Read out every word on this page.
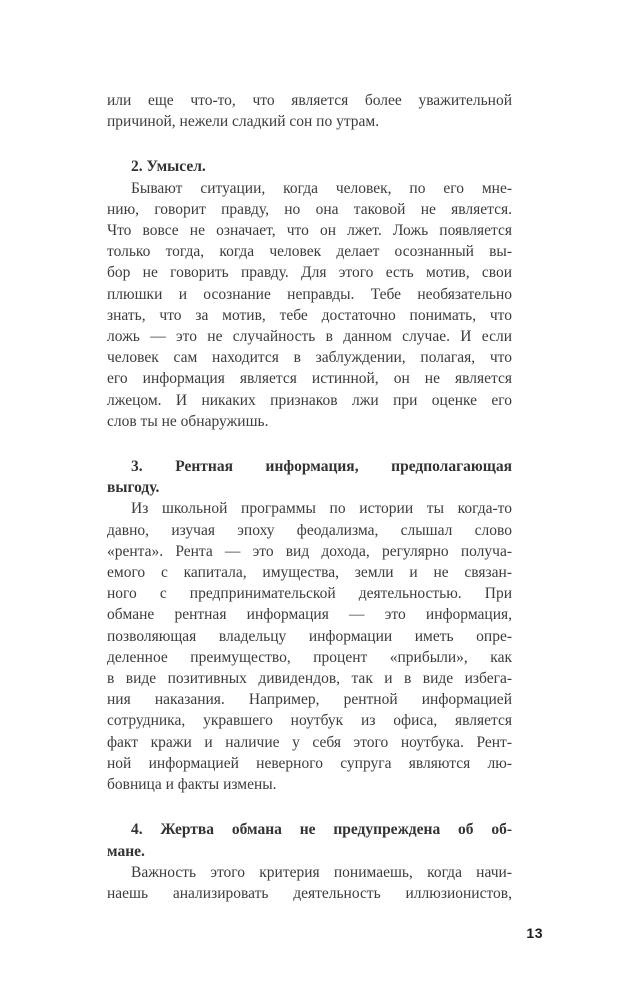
или еще что-то, что является более уважительной
причиной, нежели сладкий сон по утрам.
2. Умысел.
Бывают ситуации, когда человек, по его мне-
нию, говорит правду, но она таковой не является.
Что вовсе не означает, что он лжет. Ложь появляется
только тогда, когда человек делает осознанный вы-
бор не говорить правду. Для этого есть мотив, свои
плюшки и осознание неправды. Тебе необязательно
знать, что за мотив, тебе достаточно понимать, что
ложь — это не случайность в данном случае. И если
человек сам находится в заблуждении, полагая, что
его информация является истинной, он не является
лжецом. И никаких признаков лжи при оценке его
слов ты не обнаружишь.
3. Рентная информация, предполагающая
выгоду.
Из школьной программы по истории ты когда-то
давно, изучая эпоху феодализма, слышал слово
«рента». Рента — это вид дохода, регулярно получа-
емого с капитала, имущества, земли и не связан-
ного с предпринимательской деятельностью. При
обмане рентная информация — это информация,
позволяющая владельцу информации иметь опре-
деленное преимущество, процент «прибыли», как
в виде позитивных дивидендов, так и в виде избега-
ния наказания. Например, рентной информацией
сотрудника, укравшего ноутбук из офиса, является
факт кражи и наличие у себя этого ноутбука. Рент-
ной информацией неверного супруга являются лю-
бовница и факты измены.
4. Жертва обмана не предупреждена об об-
мане.
Важность этого критерия понимаешь, когда начи-
наешь анализировать деятельность иллюзионистов,
13
